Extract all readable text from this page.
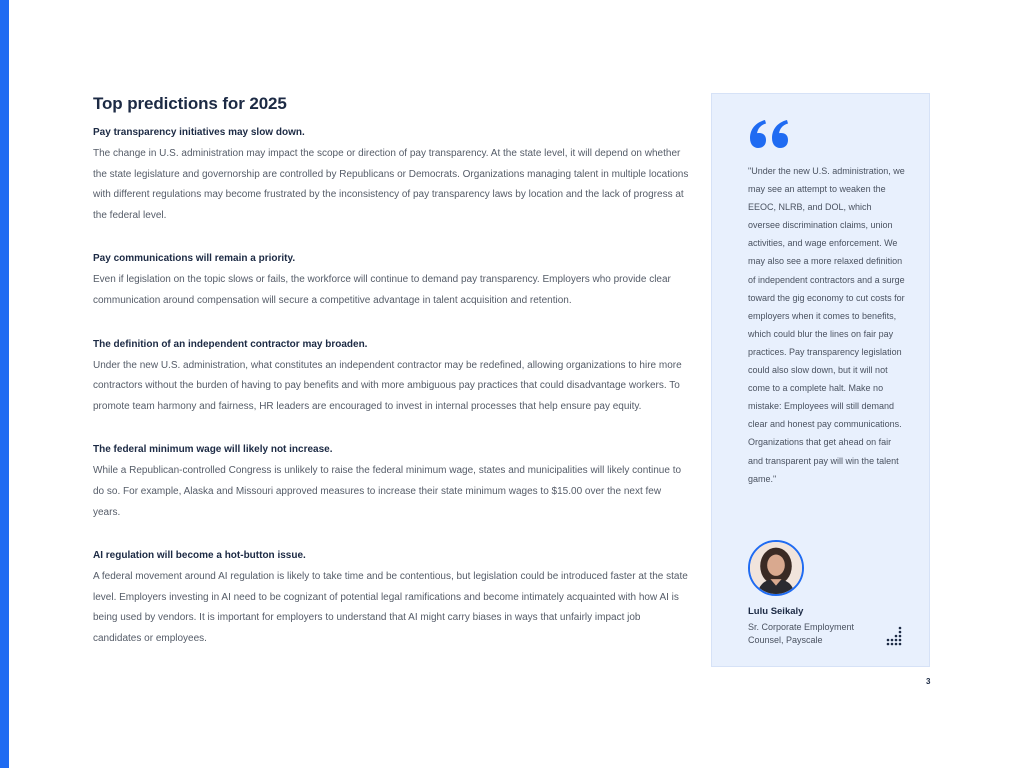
Top predictions for 2025
Pay transparency initiatives may slow down.

The change in U.S. administration may impact the scope or direction of pay transparency. At the state level, it will depend on whether the state legislature and governorship are controlled by Republicans or Democrats. Organizations managing talent in multiple locations with different regulations may become frustrated by the inconsistency of pay transparency laws by location and the lack of progress at the federal level.

Pay communications will remain a priority.

Even if legislation on the topic slows or fails, the workforce will continue to demand pay transparency. Employers who provide clear communication around compensation will secure a competitive advantage in talent acquisition and retention.

The definition of an independent contractor may broaden.

Under the new U.S. administration, what constitutes an independent contractor may be redefined, allowing organizations to hire more contractors without the burden of having to pay benefits and with more ambiguous pay practices that could disadvantage workers. To promote team harmony and fairness, HR leaders are encouraged to invest in internal processes that help ensure pay equity.

The federal minimum wage will likely not increase.

While a Republican-controlled Congress is unlikely to raise the federal minimum wage, states and municipalities will likely continue to do so. For example, Alaska and Missouri approved measures to increase their state minimum wages to $15.00 over the next few years.

AI regulation will become a hot-button issue.

A federal movement around AI regulation is likely to take time and be contentious, but legislation could be introduced faster at the state level. Employers investing in AI need to be cognizant of potential legal ramifications and become intimately acquainted with how AI is being used by vendors. It is important for employers to understand that AI might carry biases in ways that unfairly impact job candidates or employees.

"Under the new U.S. administration, we may see an attempt to weaken the EEOC, NLRB, and DOL, which oversee discrimination claims, union activities, and wage enforcement. We may also see a more relaxed definition of independent contractors and a surge toward the gig economy to cut costs for employers when it comes to benefits, which could blur the lines on fair pay practices. Pay transparency legislation could also slow down, but it will not come to a complete halt. Make no mistake: Employees will still demand clear and honest pay communications. Organizations that get ahead on fair and transparent pay will win the talent game."

Lulu Seikaly
Sr. Corporate Employment Counsel, Payscale
3
